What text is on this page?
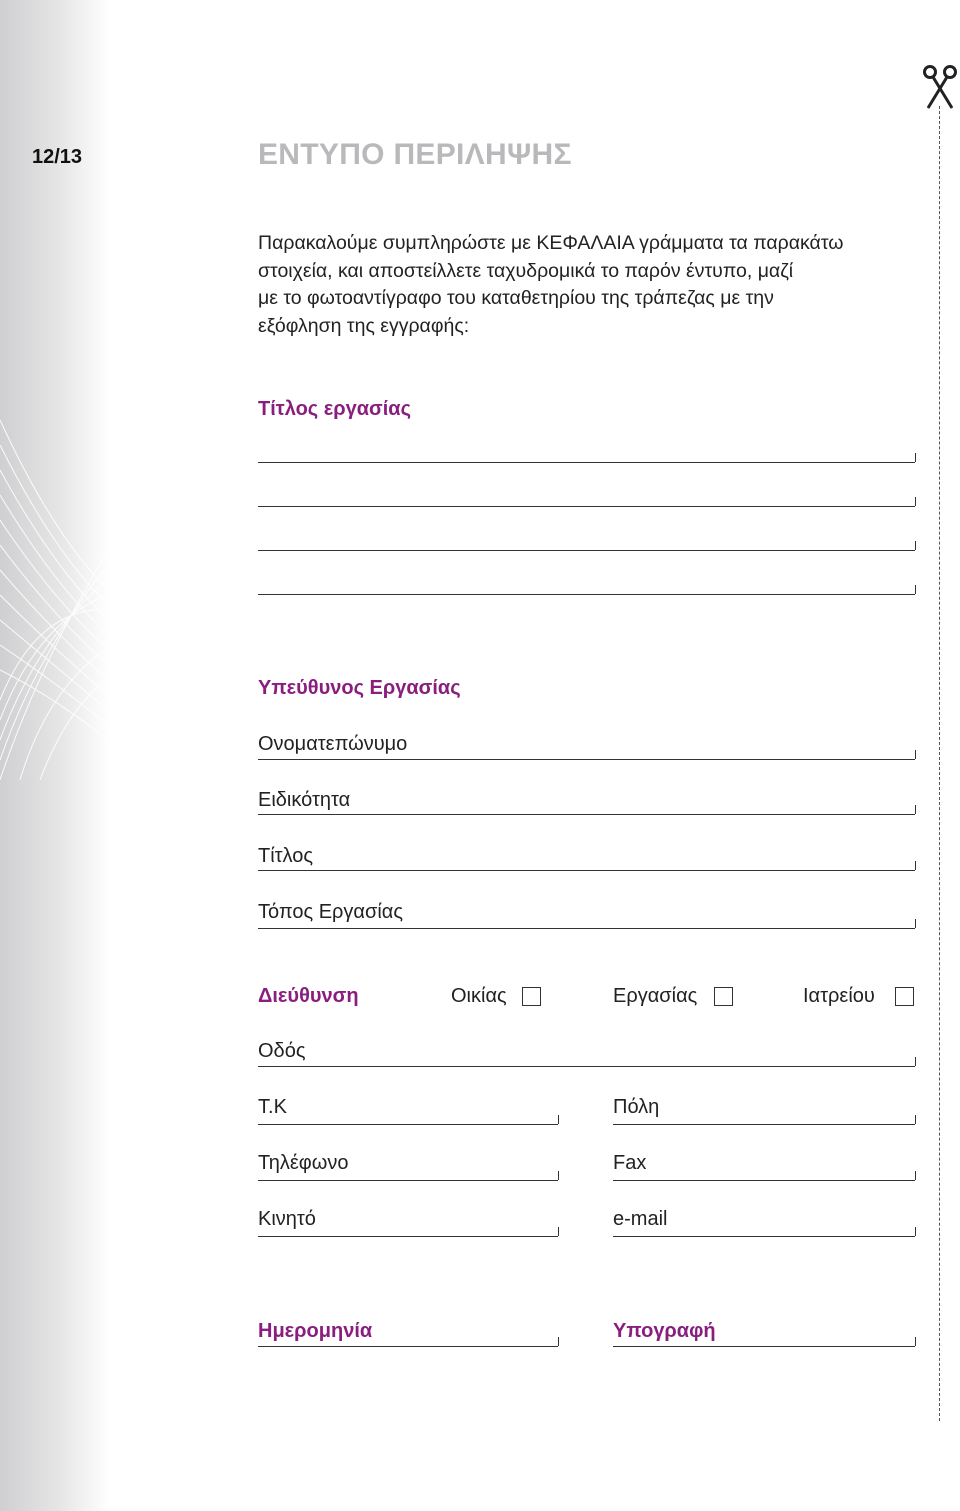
12/13	ΕΝΤΥΠΟ ΠΕΡΙΛΗΨΗΣ
Παρακαλούμε συμπληρώστε με ΚΕΦΑΛΑΙΑ γράμματα τα παρακάτω
στοιχεία, και αποστείλλετε ταχυδρομικά το παρόν έντυπο, μαζί
με το φωτοαντίγραφο του καταθετηρίου της τράπεζας με την
εξόφληση της εγγραφής:
Τίτλος εργασίας
Υπεύθυνος Εργασίας
Ονοματεπώνυμο
Ειδικότητα
Τίτλος
Τόπος Εργασίας
Διεύθυνση	Οικίας	Εργασίας	Ιατρείου
Οδός
Τ.Κ	Πόλη
Τηλέφωνο	Fax
Κινητό	e-mail
Ημερομηνία	Υπογραφή
